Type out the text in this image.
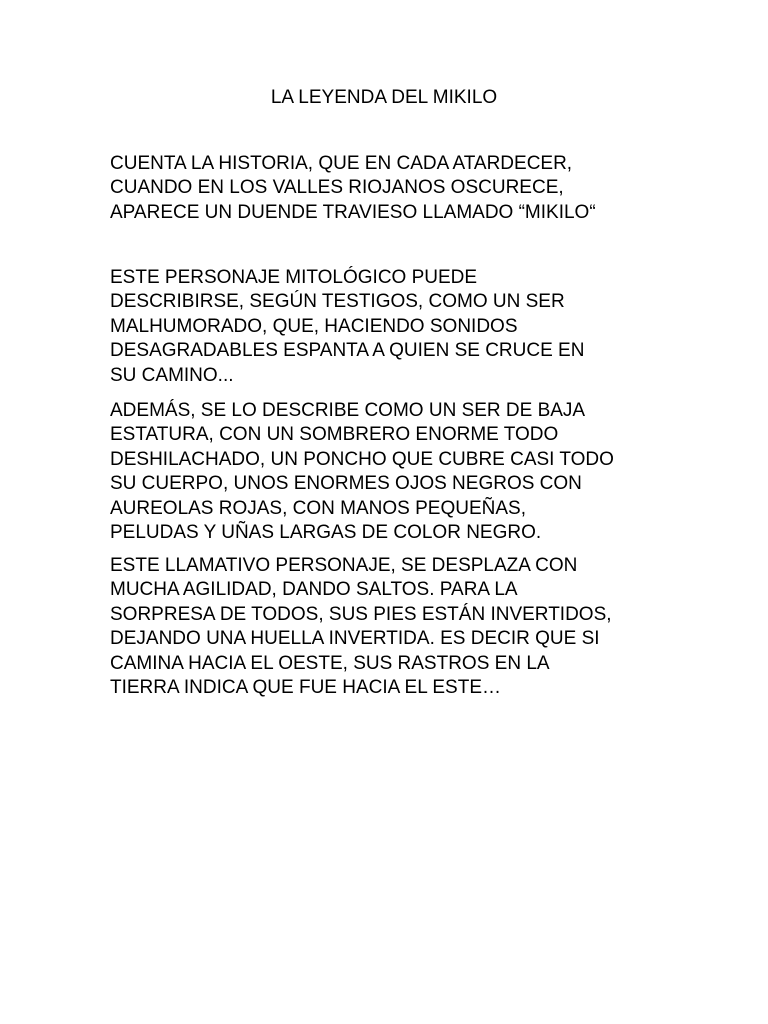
LA LEYENDA DEL MIKILO

CUENTA LA HISTORIA, QUE EN CADA ATARDECER,
CUANDO EN LOS VALLES RIOJANOS OSCURECE,
APARECE UN DUENDE TRAVIESO LLAMADO “MIKILO“

ESTE PERSONAJE MITOLÓGICO PUEDE
DESCRIBIRSE, SEGÚN TESTIGOS, COMO UN SER
MALHUMORADO, QUE, HACIENDO SONIDOS
DESAGRADABLES ESPANTA A QUIEN SE CRUCE EN
SU CAMINO...

ADEMÁS, SE LO DESCRIBE COMO UN SER DE BAJA
ESTATURA, CON UN SOMBRERO ENORME TODO
DESHILACHADO, UN PONCHO QUE CUBRE CASI TODO
SU CUERPO, UNOS ENORMES OJOS NEGROS CON
AUREOLAS ROJAS, CON MANOS PEQUEÑAS,
PELUDAS Y UÑAS LARGAS DE COLOR NEGRO.

ESTE LLAMATIVO PERSONAJE, SE DESPLAZA CON
MUCHA AGILIDAD, DANDO SALTOS. PARA LA
SORPRESA DE TODOS, SUS PIES ESTÁN INVERTIDOS,
DEJANDO UNA HUELLA INVERTIDA. ES DECIR QUE SI
CAMINA HACIA EL OESTE, SUS RASTROS EN LA
TIERRA INDICA QUE FUE HACIA EL ESTE…
